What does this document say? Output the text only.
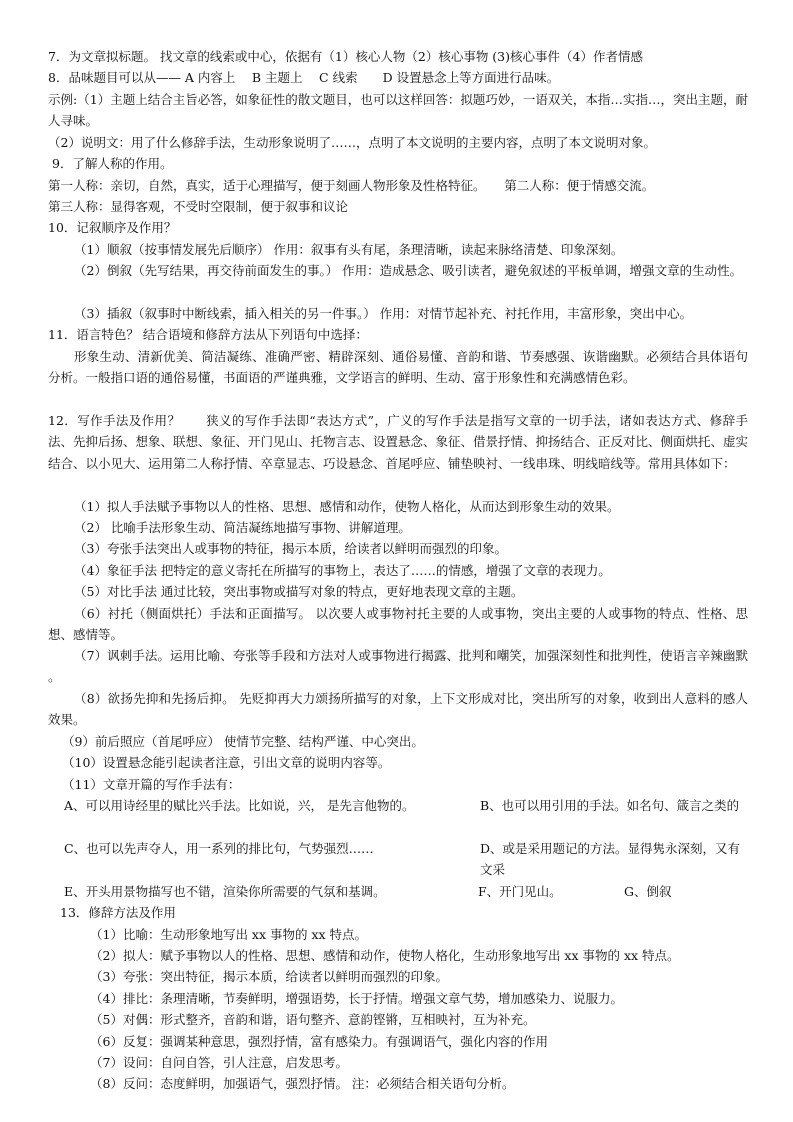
7．为文章拟标题。 找文章的线索或中心，依据有（1）核心人物（2）核心事物 (3)核心事件（4）作者情感
8．品味题目可以从—— A 内容上　 B 主题上　 C 线索　　D 设置悬念上等方面进行品味。
示例:（1）主题上结合主旨必答，如象征性的散文题目，也可以这样回答：拟题巧妙，一语双关，本指…实指…，突出主题，耐人寻味。
（2）说明文：用了什么修辞手法，生动形象说明了……，点明了本文说明的主要内容，点明了本文说明对象。
9．了解人称的作用。
第一人称：亲切，自然，真实，适于心理描写，便于刻画人物形象及性格特征。　　第二人称：便于情感交流。
第三人称：显得客观，不受时空限制，便于叙事和议论
10．记叙顺序及作用？
（1）顺叙（按事情发展先后顺序） 作用：叙事有头有尾，条理清晰，读起来脉络清楚、印象深刻。
（2）倒叙（先写结果，再交待前面发生的事。） 作用：造成悬念、吸引读者，避免叙述的平板单调，增强文章的生动性。
（3）插叙（叙事时中断线索，插入相关的另一件事。） 作用：对情节起补充、衬托作用，丰富形象，突出中心。
11．语言特色？ 结合语境和修辞方法从下列语句中选择：
形象生动、清新优美、简洁凝练、准确严密、精辟深刻、通俗易懂、音韵和谐、节奏感强、诙谐幽默。必须结合具体语句分析。一般指口语的通俗易懂，书面语的严谨典雅，文学语言的鲜明、生动、富于形象性和充满感情色彩。
12．写作手法及作用？　　狭义的写作手法即“表达方式”，广义的写作手法是指写文章的一切手法，诸如表达方式、修辞手法、先抑后扬、想象、联想、象征、开门见山、托物言志、设置悬念、象征、借景抒情、抑扬结合、正反对比、侧面烘托、虚实结合、以小见大、运用第二人称抒情、卒章显志、巧设悬念、首尾呼应、铺垫映衬、一线串珠、明线暗线等。常用具体如下：
（1）拟人手法赋予事物以人的性格、思想、感情和动作，使物人格化，从而达到形象生动的效果。
（2） 比喻手法形象生动、简洁凝练地描写事物、讲解道理。
（3）夸张手法突出人或事物的特征，揭示本质，给读者以鲜明而强烈的印象。
（4）象征手法 把特定的意义寄托在所描写的事物上，表达了……的情感，增强了文章的表现力。
（5）对比手法 通过比较，突出事物或描写对象的特点，更好地表现文章的主题。
（6）衬托（侧面烘托）手法和正面描写。 以次要人或事物衬托主要的人或事物，突出主要的人或事物的特点、性格、思想、感情等。
（7）讽刺手法。运用比喻、夸张等手段和方法对人或事物进行揭露、批判和嘲笑，加强深刻性和批判性，使语言辛辣幽默 。
（8）欲扬先抑和先扬后抑。 先贬抑再大力颂扬所描写的对象，上下文形成对比，突出所写的对象，收到出人意料的感人效果。
（9）前后照应（首尾呼应） 使情节完整、结构严谨、中心突出。
（10）设置悬念能引起读者注意，引出文章的说明内容等。
（11）文章开篇的写作手法有：
A、可以用诗经里的赋比兴手法。比如说，兴， 是先言他物的。	B、也可以用引用的手法。如名句、箴言之类的
C、也可以先声夺人，用一系列的排比句，气势强烈……	D、或是采用题记的方法。显得隽永深刻，又有文采
E、开头用景物描写也不错，渲染你所需要的气氛和基调。	F、开门见山。	G、倒叙
13．修辞方法及作用
（1）比喻：生动形象地写出 xx 事物的 xx 特点。
（2）拟人：赋予事物以人的性格、思想、感情和动作，使物人格化，生动形象地写出 xx 事物的 xx 特点。
（3）夸张：突出特征，揭示本质，给读者以鲜明而强烈的印象。
（4）排比：条理清晰，节奏鲜明，增强语势，长于抒情。增强文章气势，增加感染力、说服力。
（5）对偶：形式整齐，音韵和谐，语句整齐、意韵铿锵，互相映衬，互为补充。
（6）反复：强调某种意思，强烈抒情，富有感染力。有强调语气，强化内容的作用
（7）设问：自问自答，引人注意，启发思考。
（8）反问：态度鲜明，加强语气，强烈抒情。 注：必须结合相关语句分析。
